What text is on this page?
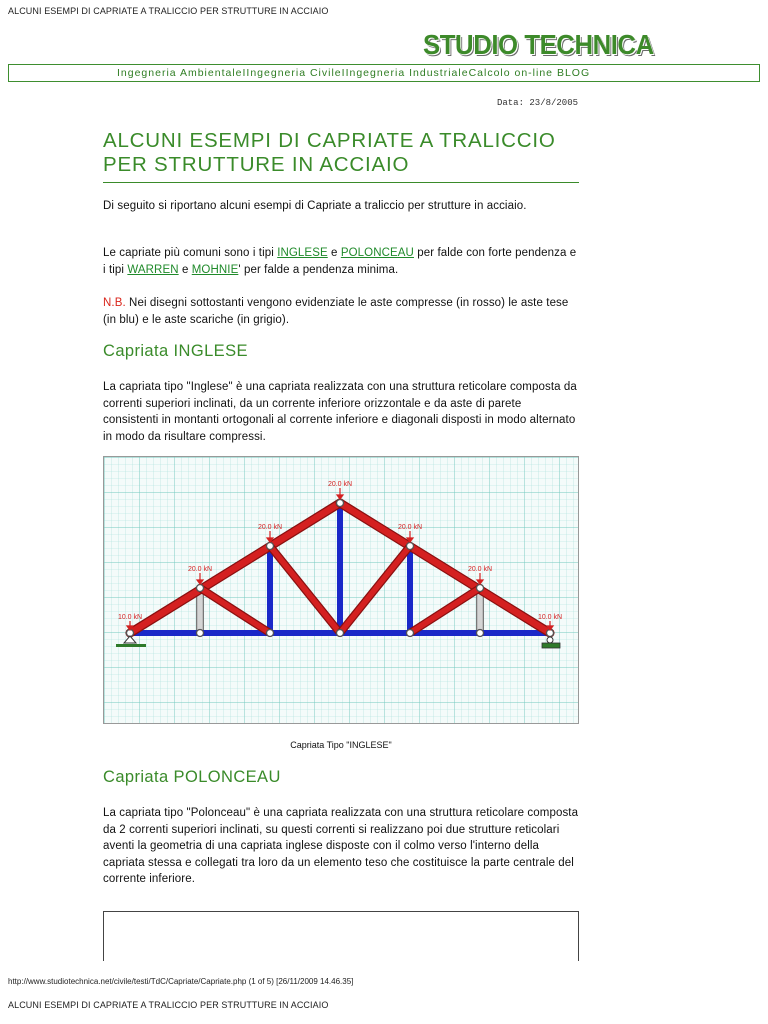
ALCUNI ESEMPI DI CAPRIATE A TRALICCIO PER STRUTTURE IN ACCIAIO
STUDIO TECHNICA
Ingegneria AmbientaleIIngegneria CivileIIngegneria IndustrialeCalcolo on-line BLOG
Data: 23/8/2005
ALCUNI ESEMPI DI CAPRIATE A TRALICCIO PER STRUTTURE IN ACCIAIO
Di seguito si riportano alcuni esempi di Capriate a traliccio per strutture in acciaio.
Le capriate più comuni sono i tipi INGLESE e POLONCEAU per falde con forte pendenza e i tipi WARREN e MOHNIE' per falde a pendenza minima.
N.B. Nei disegni sottostanti vengono evidenziate le aste compresse (in rosso) le aste tese (in blu) e le aste scariche (in grigio).
Capriata INGLESE
La capriata tipo "Inglese" è una capriata realizzata con una struttura reticolare composta da correnti superiori inclinati, da un corrente inferiore orizzontale e da aste di parete consistenti in montanti ortogonali al corrente inferiore e diagonali disposti in modo alternato in modo da risultare compressi.
10.0 kN
20.0 kN
20.0 kN
20.0 kN
20.0 kN
20.0 kN
10.0 kN
Capriata Tipo "INGLESE"
Capriata POLONCEAU
La capriata tipo "Polonceau" è una capriata realizzata con una struttura reticolare composta da 2 correnti superiori inclinati, su questi correnti si realizzano poi due strutture reticolari aventi la geometria di una capriata inglese disposte con il colmo verso l'interno della capriata stessa e collegati tra loro da un elemento teso che costituisce la parte centrale del corrente inferiore.
http://www.studiotechnica.net/civile/testi/TdC/Capriate/Capriate.php (1 of 5) [26/11/2009 14.46.35]
ALCUNI ESEMPI DI CAPRIATE A TRALICCIO PER STRUTTURE IN ACCIAIO
